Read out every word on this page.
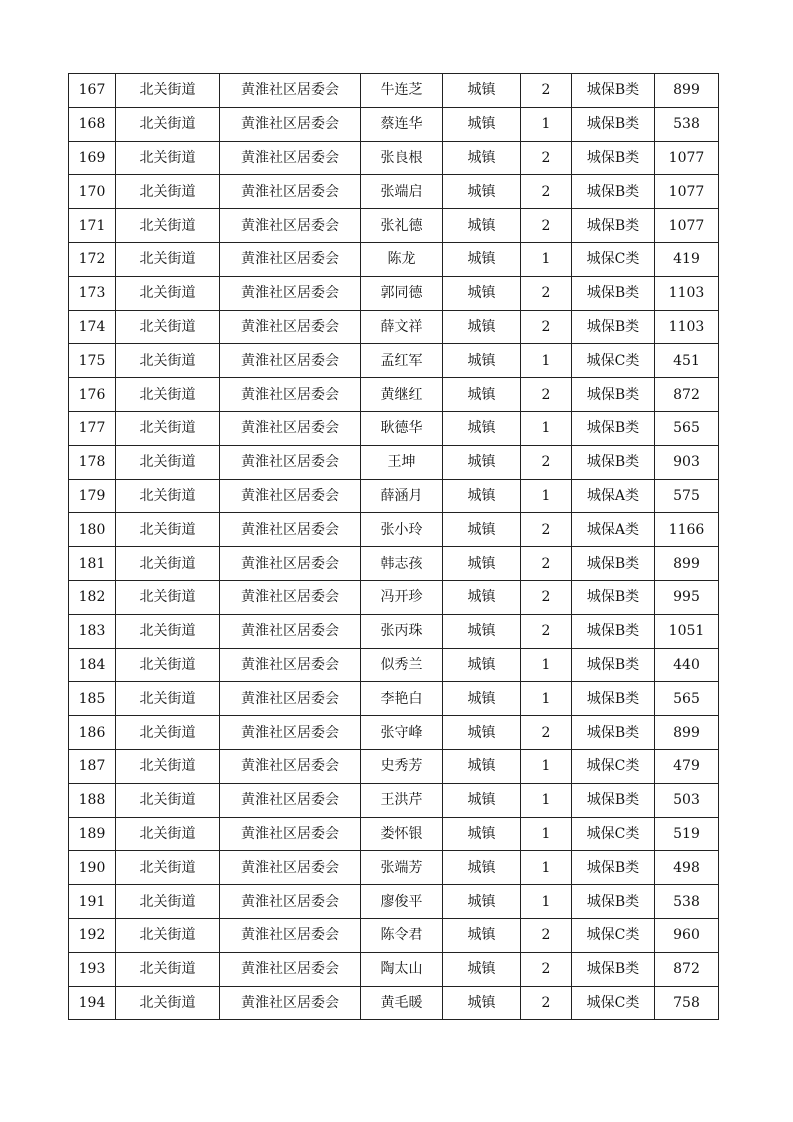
167	北关街道	黄淮社区居委会	牛连芝	城镇	2	城保B类	899
168	北关街道	黄淮社区居委会	蔡连华	城镇	1	城保B类	538
169	北关街道	黄淮社区居委会	张良根	城镇	2	城保B类	1077
170	北关街道	黄淮社区居委会	张端启	城镇	2	城保B类	1077
171	北关街道	黄淮社区居委会	张礼德	城镇	2	城保B类	1077
172	北关街道	黄淮社区居委会	陈龙	城镇	1	城保C类	419
173	北关街道	黄淮社区居委会	郭同德	城镇	2	城保B类	1103
174	北关街道	黄淮社区居委会	薛文祥	城镇	2	城保B类	1103
175	北关街道	黄淮社区居委会	孟红军	城镇	1	城保C类	451
176	北关街道	黄淮社区居委会	黄继红	城镇	2	城保B类	872
177	北关街道	黄淮社区居委会	耿德华	城镇	1	城保B类	565
178	北关街道	黄淮社区居委会	王坤	城镇	2	城保B类	903
179	北关街道	黄淮社区居委会	薛涵月	城镇	1	城保A类	575
180	北关街道	黄淮社区居委会	张小玲	城镇	2	城保A类	1166
181	北关街道	黄淮社区居委会	韩志孩	城镇	2	城保B类	899
182	北关街道	黄淮社区居委会	冯开珍	城镇	2	城保B类	995
183	北关街道	黄淮社区居委会	张丙珠	城镇	2	城保B类	1051
184	北关街道	黄淮社区居委会	似秀兰	城镇	1	城保B类	440
185	北关街道	黄淮社区居委会	李艳白	城镇	1	城保B类	565
186	北关街道	黄淮社区居委会	张守峰	城镇	2	城保B类	899
187	北关街道	黄淮社区居委会	史秀芳	城镇	1	城保C类	479
188	北关街道	黄淮社区居委会	王洪芹	城镇	1	城保B类	503
189	北关街道	黄淮社区居委会	娄怀银	城镇	1	城保C类	519
190	北关街道	黄淮社区居委会	张端芳	城镇	1	城保B类	498
191	北关街道	黄淮社区居委会	廖俊平	城镇	1	城保B类	538
192	北关街道	黄淮社区居委会	陈令君	城镇	2	城保C类	960
193	北关街道	黄淮社区居委会	陶太山	城镇	2	城保B类	872
194	北关街道	黄淮社区居委会	黄毛暖	城镇	2	城保C类	758
